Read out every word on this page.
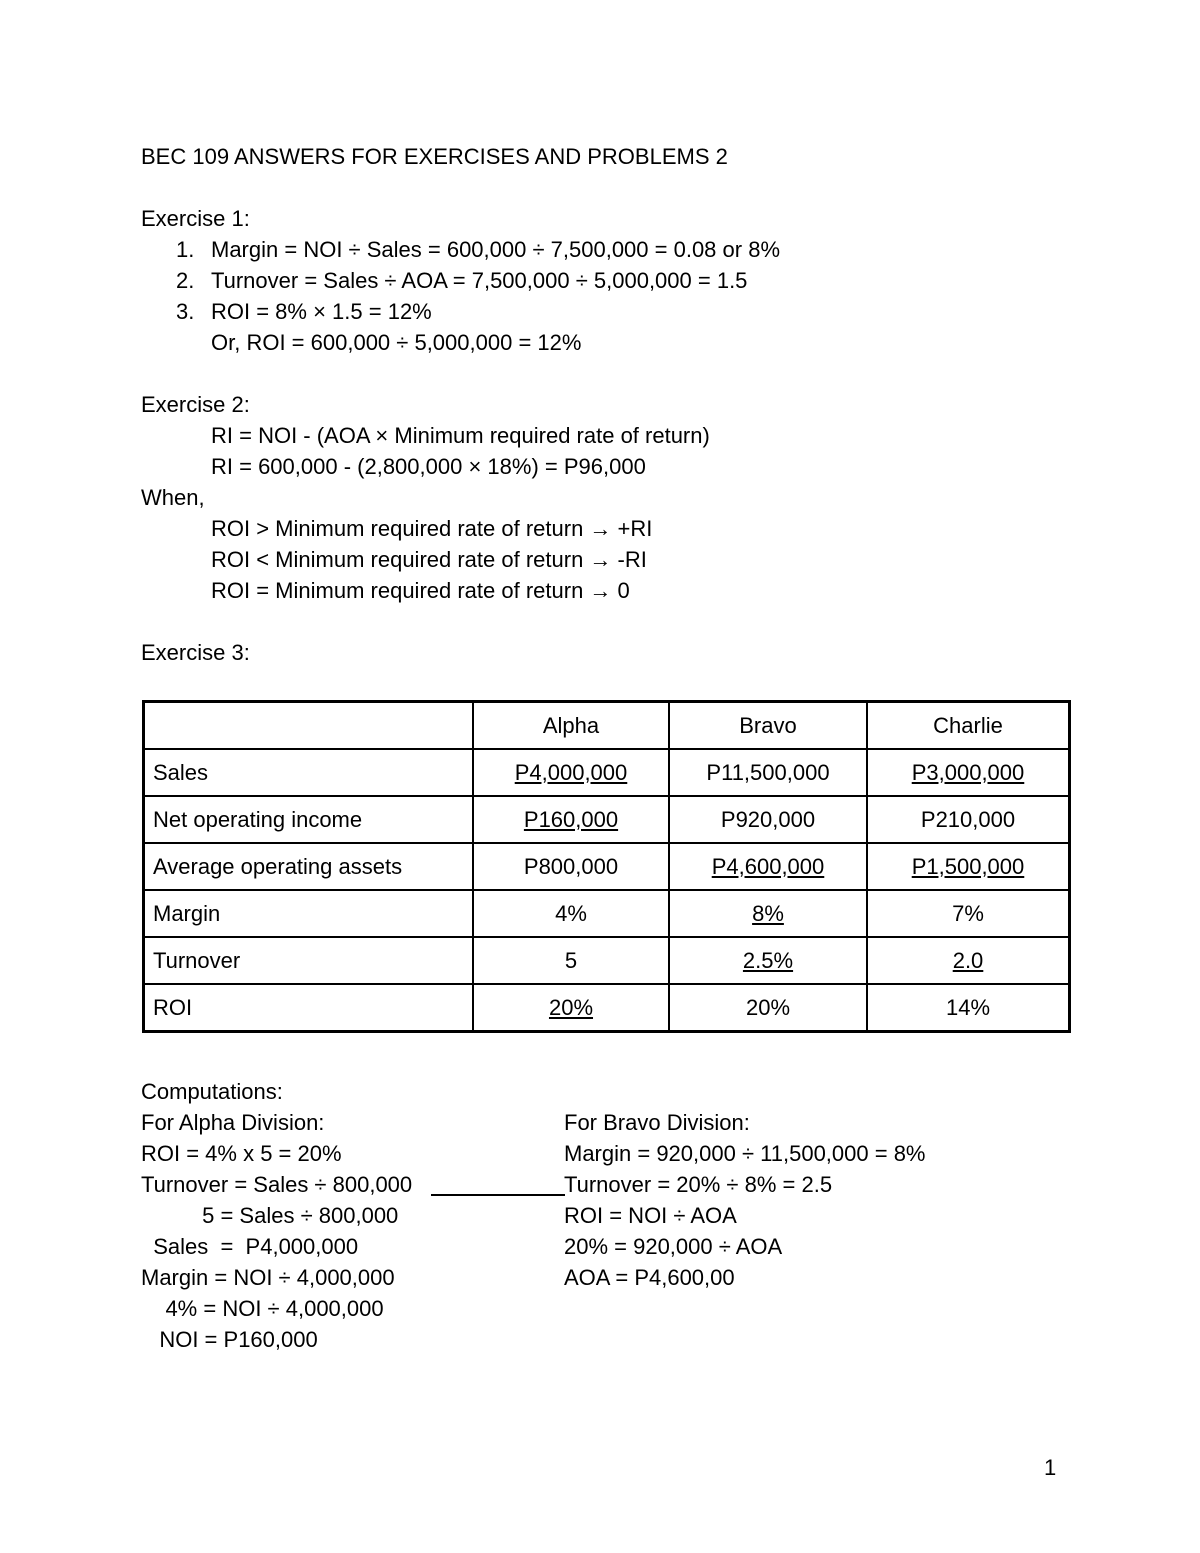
BEC 109 ANSWERS FOR EXERCISES AND PROBLEMS 2
Exercise 1:
1. Margin = NOI ÷ Sales = 600,000 ÷ 7,500,000 = 0.08 or 8%
2. Turnover = Sales ÷ AOA = 7,500,000 ÷ 5,000,000 = 1.5
3. ROI = 8% × 1.5 = 12%
Or, ROI = 600,000 ÷ 5,000,000 = 12%
Exercise 2:
RI = NOI - (AOA × Minimum required rate of return)
RI = 600,000 - (2,800,000 × 18%) = P96,000
When,
ROI > Minimum required rate of return → +RI
ROI < Minimum required rate of return → -RI
ROI = Minimum required rate of return → 0
Exercise 3:
	Alpha	Bravo	Charlie
Sales	P4,000,000	P11,500,000	P3,000,000
Net operating income	P160,000	P920,000	P210,000
Average operating assets	P800,000	P4,600,000	P1,500,000
Margin	4%	8%	7%
Turnover	5	2.5%	2.0
ROI	20%	20%	14%
Computations:
For Alpha Division:
ROI = 4% x 5 = 20%
Turnover = Sales ÷ 800,000
5 = Sales ÷ 800,000
Sales  =  P4,000,000
Margin = NOI ÷ 4,000,000
4% = NOI ÷ 4,000,000
NOI = P160,000
For Bravo Division:
Margin = 920,000 ÷ 11,500,000 = 8%
Turnover = 20% ÷ 8% = 2.5
ROI = NOI ÷ AOA
20% = 920,000 ÷ AOA
AOA = P4,600,00
1
